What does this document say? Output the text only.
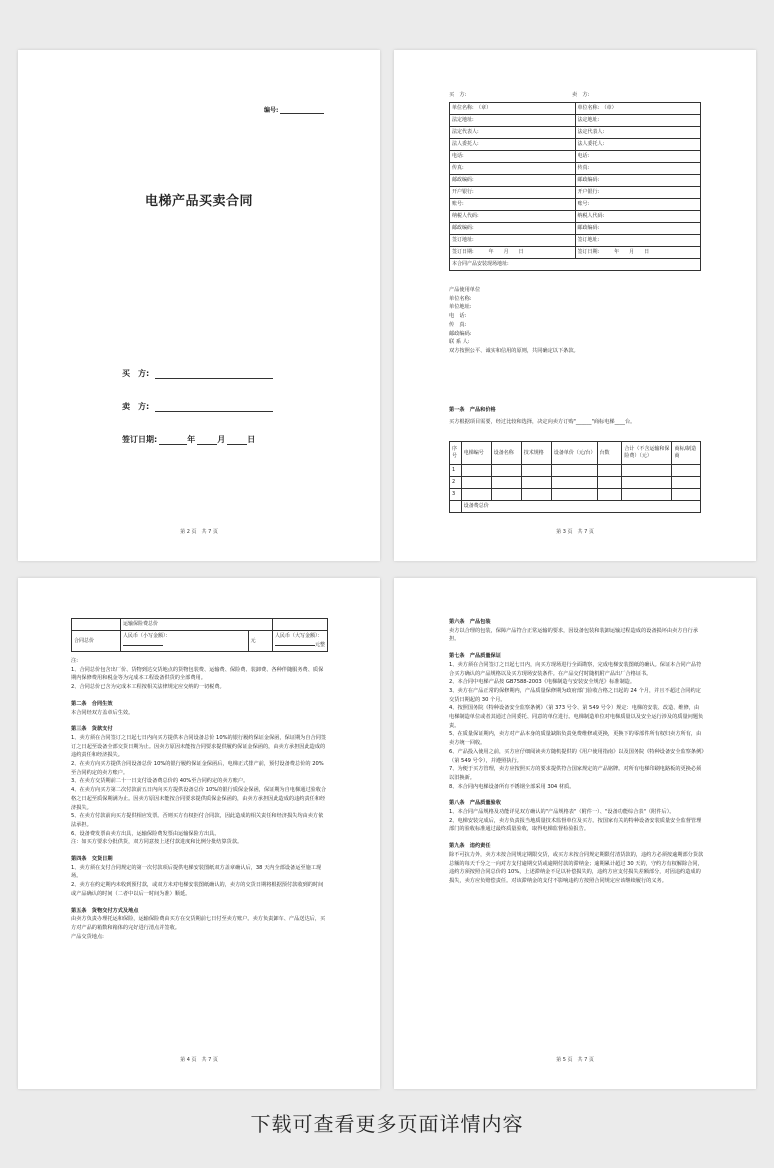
编号:
电梯产品买卖合同
买　方:
卖　方:
签订日期:	年	月	日
第 2 页　共 7 页
买　方:	卖　方:
单位名称:　（章）	单位名称:　（章）
法定地址:	法定地址:
法定代表人:	法定代表人:
法人委托人:	法人委托人:
电话:	电话:
传真:	传真:
邮政编码:	邮政编码:
开户银行:	开户银行:
账号:	账号:
纳税人代码:	纳税人代码:
邮政编码:	邮政编码:
签订地址:	签订地址:
签订日期:　　　年　　月　　日	签订日期:　　　年　　月　　日
本合同产品安装现场地址:	

产品使用单位

单位名称:

单位地址:

电　话:

传　真:

邮政编码:

联 系 人:

双方按照公平、诚实和信用的原则，共同确定以下条款。

第一条　产品和价格
买方根据项目需要，经过比较和选择，决定向卖方订购"______"商标电梯____台。
序号	电梯编号	设备名称	技术规格	设备单价（元/台）	台数	合计（不含运输和保险费）（元）	商标/制造商
1							
2							
3							
	设备费总价						
第 3 页　共 7 页
	运输保险费总价		
合同总价	人民币（小写金额）：	元	人民币（大写金额）：
元整

注:

1、合同总价包含出厂价、货物到达交货地点的货物包装费、运输费、保险费、装卸费、各种伴随服务费、质保期内保修费用和税金等为完成本工程设备供货的全部费用。

2、合同总价已含为完成本工程按相关法律规定应交纳的一切税费。

第二条　合同生效

本合同经双方盖章后生效。

第三条　货款支付

1、卖方须在合同签订之日起七日内向买方提供本合同设备总价 10%的银行履约保证金保函，保证期为自合同签订之日起至设备全部交货日期为止。因卖方原因未能按合同要求提供履约保证金保函的，由卖方承担因此造成的违约责任和经济损失。

2、在卖方向买方提供合同设备总价 10%的银行履约保证金保函后，电梯正式排产前，预付设备费总价的 20%至合同约定的卖方账户。

3、在卖方交货期前二十一日支付设备费总价的 40%至合同约定的卖方账户。

4、在卖方向买方第二次付款前五日内向买方提供设备总价 10%的银行质保金保函，保证期为自电梯通过验收合格之日起至质保期满为止。因卖方原因未能按合同要求提供质保金保函的，由卖方承担因此造成的违约责任和经济损失。

5、在卖方付款前向买方提供相应发票。否则买方有权拒付合同款，因此造成的相关责任和经济损失均由卖方依法承担。

6、设备费发票由卖方出具，运输保险费发票由运输保险方出具。

注：如买方要求分批供货，双方同意按上述付款进度和比例分批结算货款。

第四条　交货日期

1、卖方须在支付合同规定的第一次付款项后提供电梯安装图纸双方盖章确认后，38 天内全部设备运至施工现场。

2、卖方在约定期内未收到预付款，或双方未对电梯安装图纸确认的，卖方的交货日期将根据预付款收到的时间或产品确认的时间（二者中以后一时间为准）顺延。

第五条　货物交付方式及地点

由卖方负责办理托运和保险，运输保险费由买方在交货期前七日付至卖方账户。卖方负责卸车、产品送达后，买方对产品的箱数和箱体的完好进行清点并签收。

产品交货地点:

第 4 页　共 7 页

第六条　产品包装

卖方以合理的包装，保障产品符合正常运输的要求，因设备包装和装卸运输过程造成的设备损坏由卖方自行承担。

第七条　产品质量保证

1、卖方须在合同签订之日起七日内，向买方现场进行全面勘察，完成电梯安装图纸的确认。保证本合同产品符合买方确认的产品规格以及买方现场安装条件。在产品交付时随机附产品出厂合格证书。

2、本合同中电梯产品按 GB7588-2003《电梯制造与安装安全规范》标准制造。

3、卖方在产品正常的保修期内，产品质量保修期为政府部门验收合格之日起的 24 个月，并且不超过合同约定交货日期起的 30 个月。

4、按照国务院《特种设备安全监察条例》（第 373 号令、第 549 号令）规定：电梯的安装、改造、维修，由电梯制造单位或者其通过合同委托、同意的单位进行。电梯制造单位对电梯质量以及安全运行涉及的质量问题负责。

5、在质量保证期内，卖方对产品本身的质量缺陷负责免费维修或更换，更换下的零部件所有权归卖方所有，由卖方统一回收。

6、产品投入使用之前，买方应仔细阅读卖方随机提供的《用户使用指南》以及国务院《特种设备安全监察条例》（第 549 号令），并遵照执行。

7、为便于买方管理，卖方应按照买方的要求提供符合国家规定的产品铭牌。对所有电梯印刷电路板的更换必须以旧换新。

8、本合同内电梯设备所有不锈钢全部采用 304 材质。

第八条　产品质量验收

1、本合同产品规格及功能详见双方确认的"产品规格表"（附件一）、"设备功能综合表"（附件后）。

2、电梯安装完成后，卖方负责报当地质量技术监督单位及买方。按国家有关的特种设备安装质量安全监督管理部门的验收标准通过最终质量验收，取得电梯监督检验报告。

第九条　违约责任

除不可抗力外，卖方未按合同规定期限交货，或买方未按合同规定期限付清货款的，违约方必须按逾期部分货款总额的每天千分之一向对方支付逾期交货或逾期付款的滞纳金；逾期累计超过 30 天的，守约方有权解除合同，违约方须按照合同总价的 10%，上述滞纳金不足以补偿损失的，违约方应支付损失差额部分，对因违约造成的损失，卖方应负赔偿责任。对该滞纳金的支付不影响违约方按照合同规定应该继续履行的义务。

第 5 页　共 7 页
下载可查看更多页面详情内容
